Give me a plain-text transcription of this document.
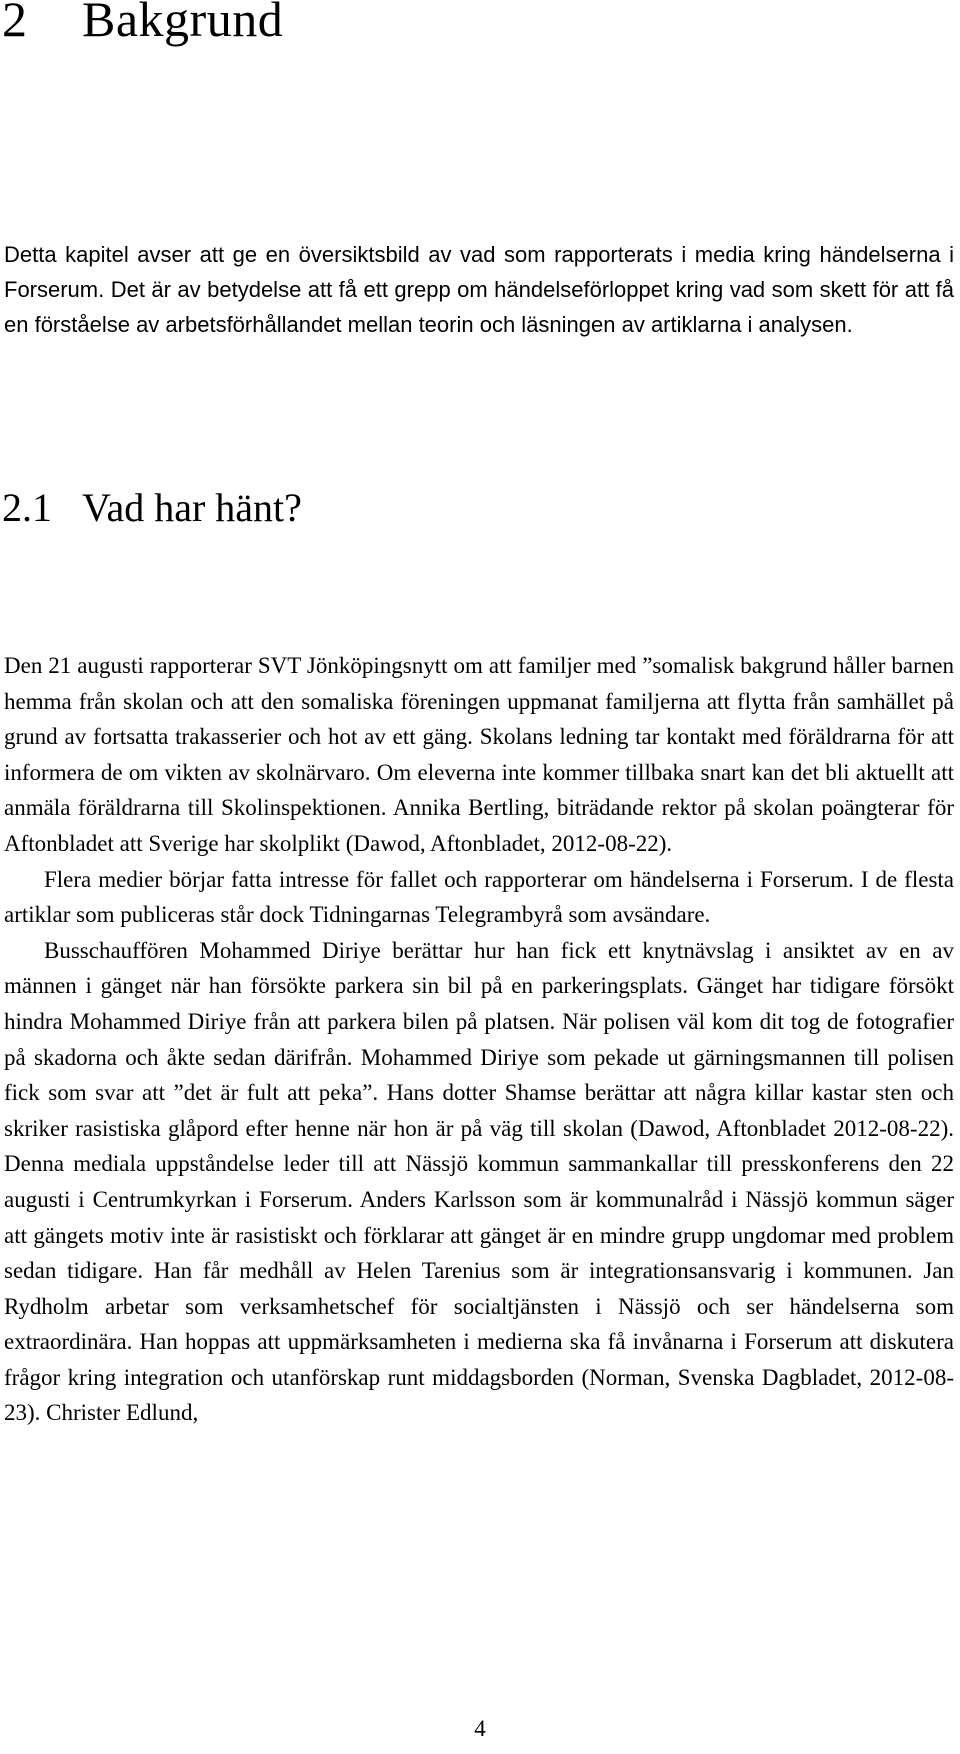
2 Bakgrund

Detta kapitel avser att ge en översiktsbild av vad som rapporterats i media kring händelserna i Forserum. Det är av betydelse att få ett grepp om händelseförloppet kring vad som skett för att få en förståelse av arbetsförhållandet mellan teorin och läsningen av artiklarna i analysen.

2.1 Vad har hänt?

Den 21 augusti rapporterar SVT Jönköpingsnytt om att familjer med ”somalisk bakgrund håller barnen hemma från skolan och att den somaliska föreningen uppmanat familjerna att flytta från samhället på grund av fortsatta trakasserier och hot av ett gäng. Skolans ledning tar kontakt med föräldrarna för att informera de om vikten av skolnärvaro. Om eleverna inte kommer tillbaka snart kan det bli aktuellt att anmäla föräldrarna till Skolinspektionen. Annika Bertling, biträdande rektor på skolan poängterar för Aftonbladet att Sverige har skolplikt (Dawod, Aftonbladet, 2012-08-22).

Flera medier börjar fatta intresse för fallet och rapporterar om händelserna i Forserum. I de flesta artiklar som publiceras står dock Tidningarnas Telegrambyrå som avsändare.

Busschauffören Mohammed Diriye berättar hur han fick ett knytnävslag i ansiktet av en av männen i gänget när han försökte parkera sin bil på en parkeringsplats. Gänget har tidigare försökt hindra Mohammed Diriye från att parkera bilen på platsen. När polisen väl kom dit tog de fotografier på skadorna och åkte sedan därifrån. Mohammed Diriye som pekade ut gärningsmannen till polisen fick som svar att ”det är fult att peka”. Hans dotter Shamse berättar att några killar kastar sten och skriker rasistiska glåpord efter henne när hon är på väg till skolan (Dawod, Aftonbladet 2012-08-22). Denna mediala uppståndelse leder till att Nässjö kommun sammankallar till presskonferens den 22 augusti i Centrumkyrkan i Forserum. Anders Karlsson som är kommunalråd i Nässjö kommun säger att gängets motiv inte är rasistiskt och förklarar att gänget är en mindre grupp ungdomar med problem sedan tidigare. Han får medhåll av Helen Tarenius som är integrationsansvarig i kommunen. Jan Rydholm arbetar som verksamhetschef för socialtjänsten i Nässjö och ser händelserna som extraordinära. Han hoppas att uppmärksamheten i medierna ska få invånarna i Forserum att diskutera frågor kring integration och utanförskap runt middagsborden (Norman, Svenska Dagbladet, 2012-08-23). Christer Edlund,

4
